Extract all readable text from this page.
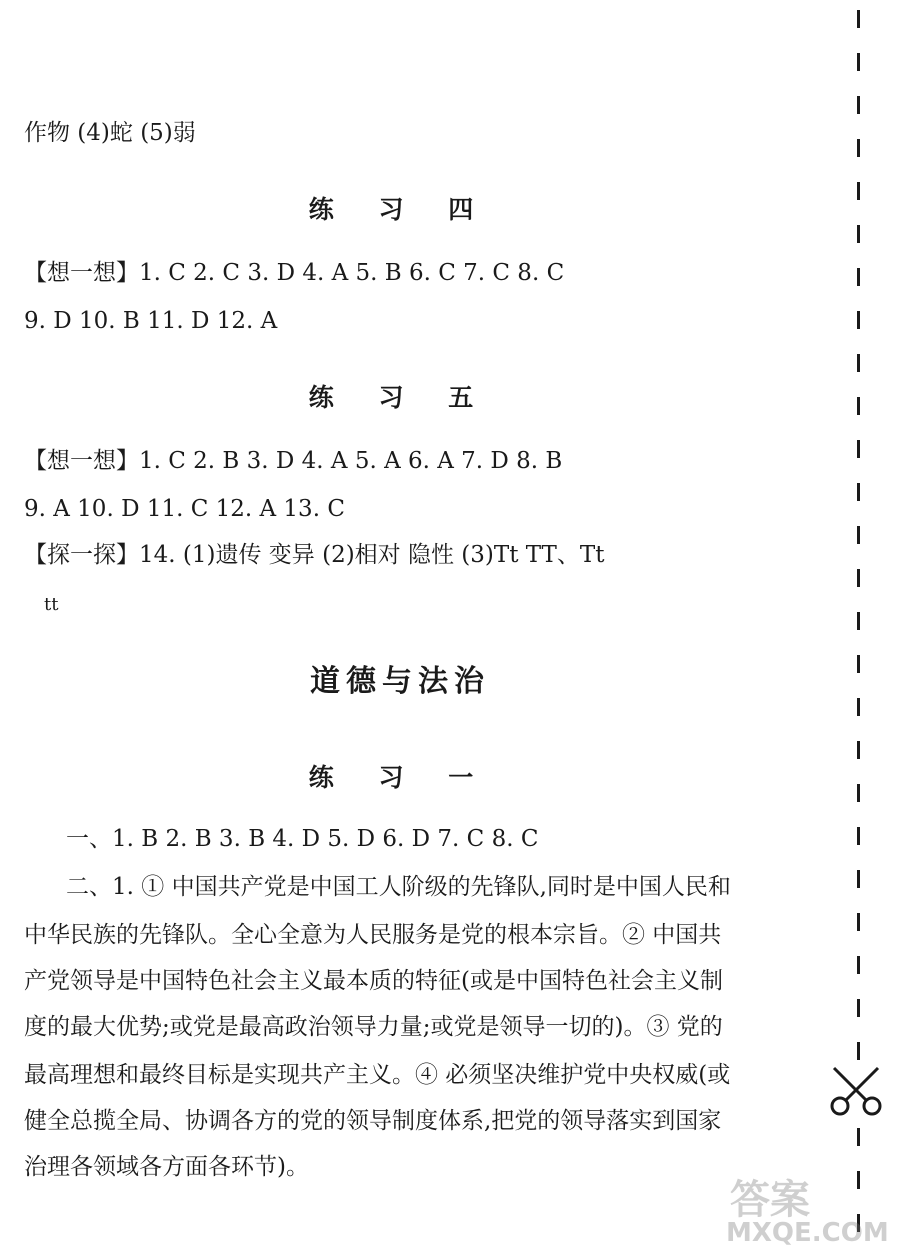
作物 (4)蛇 (5)弱
练 习 四
【想一想】1. C 2. C 3. D 4. A 5. B 6. C 7. C 8. C
9. D 10. B 11. D 12. A
练 习 五
【想一想】1. C 2. B 3. D 4. A 5. A 6. A 7. D 8. B
9. A 10. D 11. C 12. A 13. C
【探一探】14. (1)遗传 变异 (2)相对 隐性 (3)Tt TT、Tt
tt
道德与法治
练 习 一
一、1. B 2. B 3. B 4. D 5. D 6. D 7. C 8. C
二、1. ① 中国共产党是中国工人阶级的先锋队,同时是中国人民和
中华民族的先锋队。全心全意为人民服务是党的根本宗旨。② 中国共
产党领导是中国特色社会主义最本质的特征(或是中国特色社会主义制
度的最大优势;或党是最高政治领导力量;或党是领导一切的)。③ 党的
最高理想和最终目标是实现共产主义。④ 必须坚决维护党中央权威(或
健全总揽全局、协调各方的党的领导制度体系,把党的领导落实到国家
治理各领域各方面各环节)。
答案
MXQE.COM
